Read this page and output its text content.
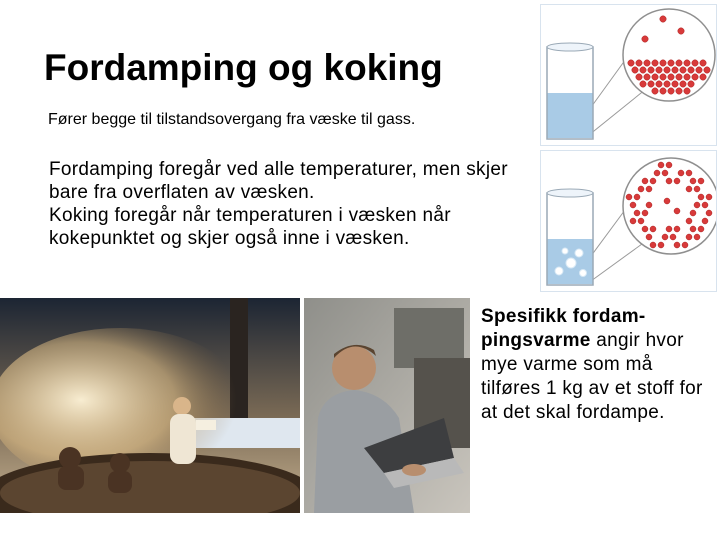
Fordamping og koking

Fører begge til tilstandsovergang fra væske til gass.

Fordamping foregår ved alle temperaturer, men skjer bare fra overflaten av væsken.

Koking foregår når temperaturen i væsken når kokepunktet og skjer også inne i væsken.

Spesifikk fordam-
pingsvarme angir hvor mye varme som må tilføres 1 kg av et stoff for at det skal fordampe.
